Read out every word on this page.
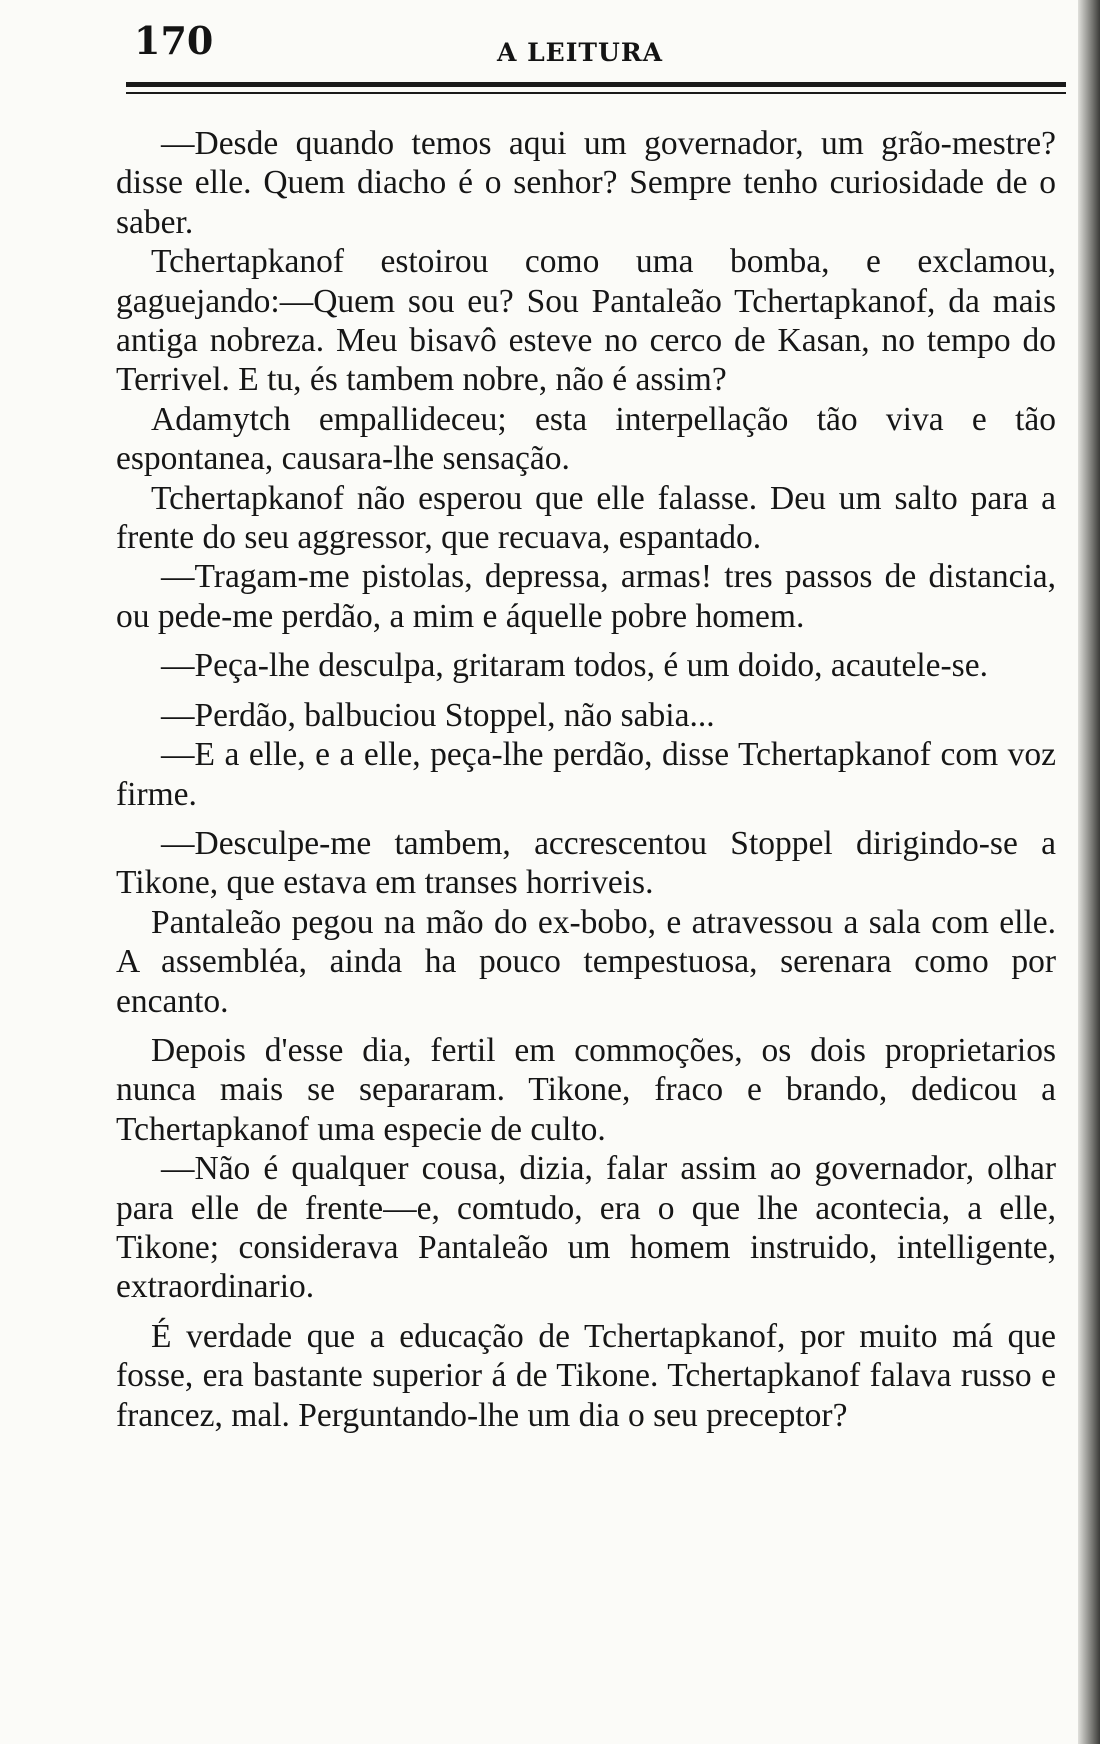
170	A LEITURA

—Desde quando temos aqui um governador, um grão-mestre? disse elle. Quem diacho é o senhor? Sempre tenho curiosidade de o saber.

Tchertapkanof estoirou como uma bomba, e exclamou, gaguejando:—Quem sou eu? Sou Pantaleão Tchertapkanof, da mais antiga nobreza. Meu bisavô esteve no cerco de Kasan, no tempo do Terrivel. E tu, és tambem nobre, não é assim?

Adamytch empallideceu; esta interpellação tão viva e tão espontanea, causara-lhe sensação.

Tchertapkanof não esperou que elle falasse. Deu um salto para a frente do seu aggressor, que recuava, espantado.

—Tragam-me pistolas, depressa, armas! tres passos de distancia, ou pede-me perdão, a mim e áquelle pobre homem.

—Peça-lhe desculpa, gritaram todos, é um doido, acautele-se.

—Perdão, balbuciou Stoppel, não sabia...

—E a elle, e a elle, peça-lhe perdão, disse Tchertapkanof com voz firme.

—Desculpe-me tambem, accrescentou Stoppel dirigindo-se a Tikone, que estava em transes horriveis.

Pantaleão pegou na mão do ex-bobo, e atravessou a sala com elle. A assembléa, ainda ha pouco tempestuosa, serenara como por encanto.

Depois d'esse dia, fertil em commoções, os dois proprietarios nunca mais se separaram. Tikone, fraco e brando, dedicou a Tchertapkanof uma especie de culto.

—Não é qualquer cousa, dizia, falar assim ao governador, olhar para elle de frente—e, comtudo, era o que lhe acontecia, a elle, Tikone; considerava Pantaleão um homem instruido, intelligente, extraordinario.

É verdade que a educação de Tchertapkanof, por muito má que fosse, era bastante superior á de Tikone. Tchertapkanof falava russo e francez, mal. Perguntando-lhe um dia o seu preceptor?
